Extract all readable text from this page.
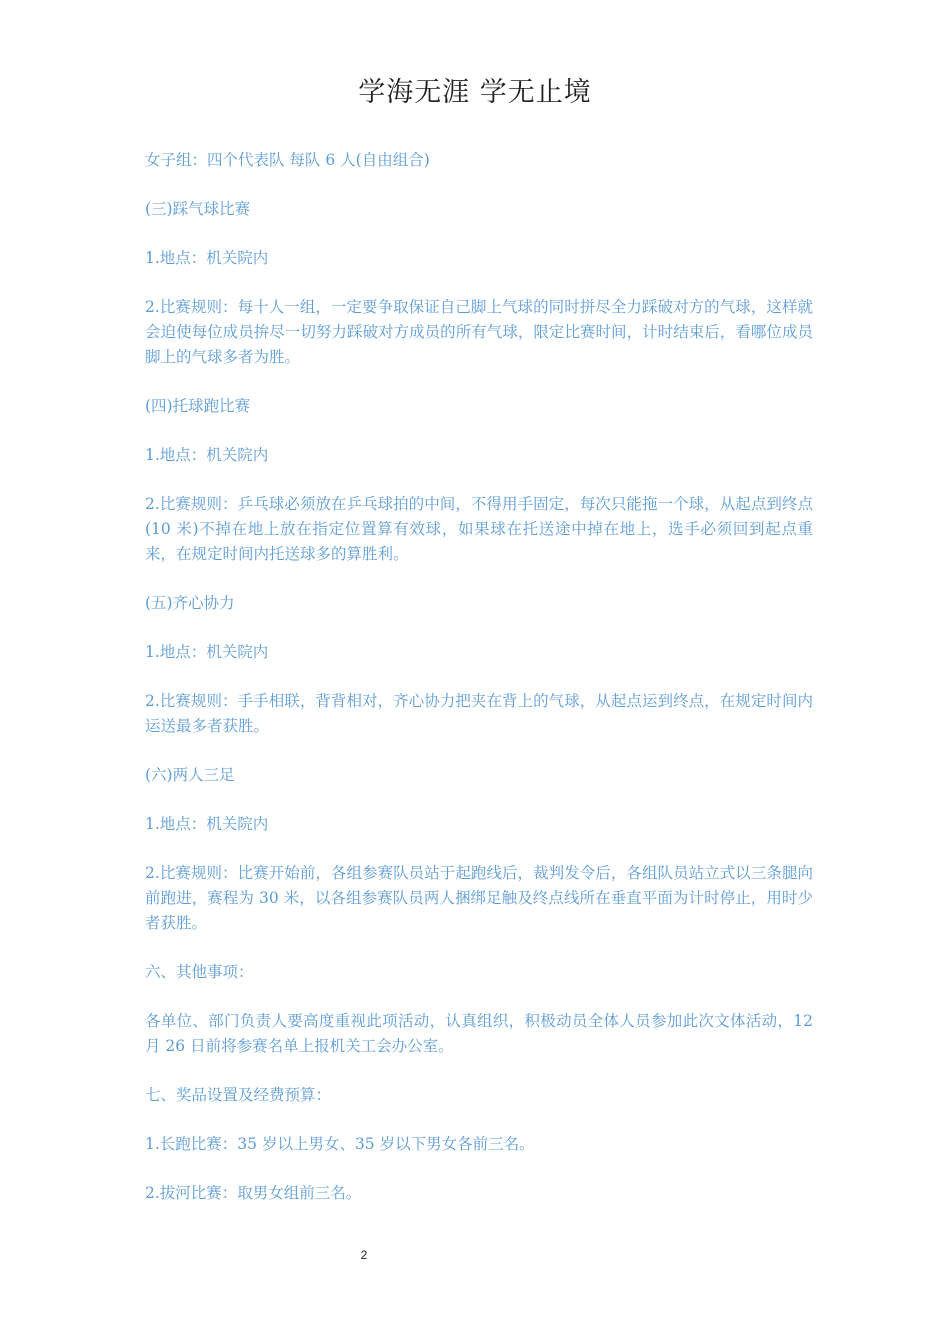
学海无涯 学无止境

女子组：四个代表队 每队 6 人(自由组合)

(三)踩气球比赛

1.地点：机关院内

2.比赛规则：每十人一组，一定要争取保证自己脚上气球的同时拼尽全力踩破对方的气球，这样就会迫使每位成员拚尽一切努力踩破对方成员的所有气球，限定比赛时间，计时结束后，看哪位成员脚上的气球多者为胜。

(四)托球跑比赛

1.地点：机关院内

2.比赛规则：乒乓球必须放在乒乓球拍的中间，不得用手固定，每次只能拖一个球，从起点到终点(10 米)不掉在地上放在指定位置算有效球，如果球在托送途中掉在地上，选手必须回到起点重来，在规定时间内托送球多的算胜利。

(五)齐心协力

1.地点：机关院内

2.比赛规则：手手相联，背背相对，齐心协力把夹在背上的气球，从起点运到终点，在规定时间内运送最多者获胜。

(六)两人三足

1.地点：机关院内

2.比赛规则：比赛开始前，各组参赛队员站于起跑线后，裁判发令后，各组队员站立式以三条腿向前跑进，赛程为 30 米，以各组参赛队员两人捆绑足触及终点线所在垂直平面为计时停止，用时少者获胜。

六、其他事项：

各单位、部门负责人要高度重视此项活动，认真组织，积极动员全体人员参加此次文体活动，12 月 26 日前将参赛名单上报机关工会办公室。

七、奖品设置及经费预算：

1.长跑比赛：35 岁以上男女、35 岁以下男女各前三名。

2.拔河比赛：取男女组前三名。

2
